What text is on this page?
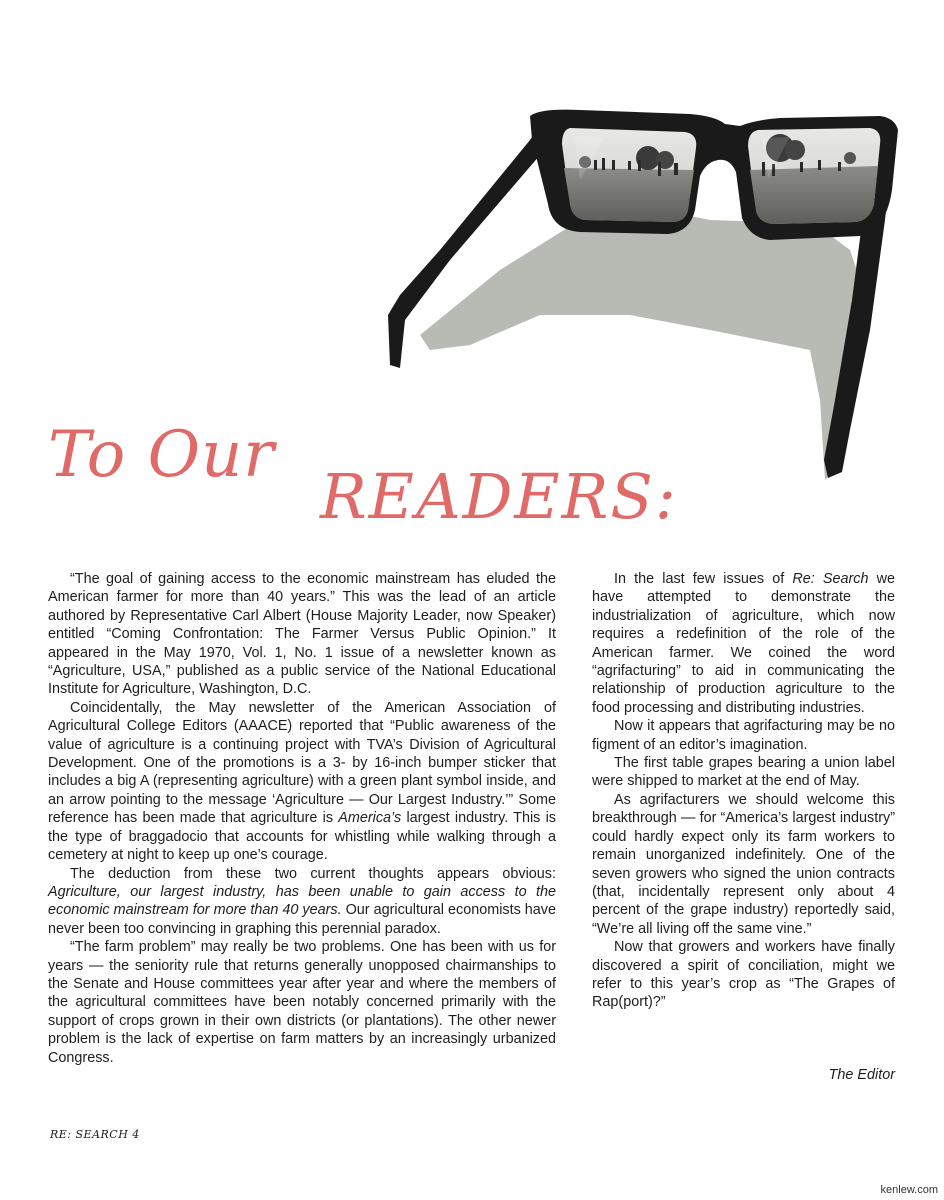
To Our
READERS:

“The goal of gaining access to the economic mainstream has eluded the American farmer for more than 40 years.” This was the lead of an article authored by Representative Carl Albert (House Majority Leader, now Speaker) entitled “Coming Confrontation: The Farmer Versus Public Opinion.” It appeared in the May 1970, Vol. 1, No. 1 issue of a newsletter known as “Agriculture, USA,” published as a public service of the National Educational Institute for Agriculture, Washington, D.C.

Coincidentally, the May newsletter of the American Association of Agricultural College Editors (AAACE) reported that “Public awareness of the value of agriculture is a continuing project with TVA’s Division of Agricultural Development. One of the promotions is a 3- by 16-inch bumper sticker that includes a big A (representing agriculture) with a green plant symbol inside, and an arrow pointing to the message ‘Agriculture — Our Largest Industry.’” Some reference has been made that agriculture is America’s largest industry. This is the type of braggadocio that accounts for whistling while walking through a cemetery at night to keep up one’s courage.

The deduction from these two current thoughts appears obvious: Agriculture, our largest industry, has been unable to gain access to the economic mainstream for more than 40 years. Our agricultural economists have never been too convincing in graphing this perennial paradox.

“The farm problem” may really be two problems. One has been with us for years — the seniority rule that returns generally unopposed chairmanships to the Senate and House committees year after year and where the members of the agricultural committees have been notably concerned primarily with the support of crops grown in their own districts (or plantations). The other newer problem is the lack of expertise on farm matters by an increasingly urbanized Congress.

In the last few issues of Re: Search we have attempted to demonstrate the industrialization of agriculture, which now requires a redefinition of the role of the American farmer. We coined the word “agrifacturing” to aid in communicating the relationship of production agriculture to the food processing and distributing industries.

Now it appears that agrifacturing may be no figment of an editor’s imagination.

The first table grapes bearing a union label were shipped to market at the end of May.

As agrifacturers we should welcome this breakthrough — for “America’s largest industry” could hardly expect only its farm workers to remain unorganized indefinitely. One of the seven growers who signed the union contracts (that, incidentally represent only about 4 percent of the grape industry) reportedly said, “We’re all living off the same vine.”

Now that growers and workers have finally discovered a spirit of conciliation, might we refer to this year’s crop as “The Grapes of Rap(port)?”

The Editor
RE: SEARCH 4
kenlew.com
